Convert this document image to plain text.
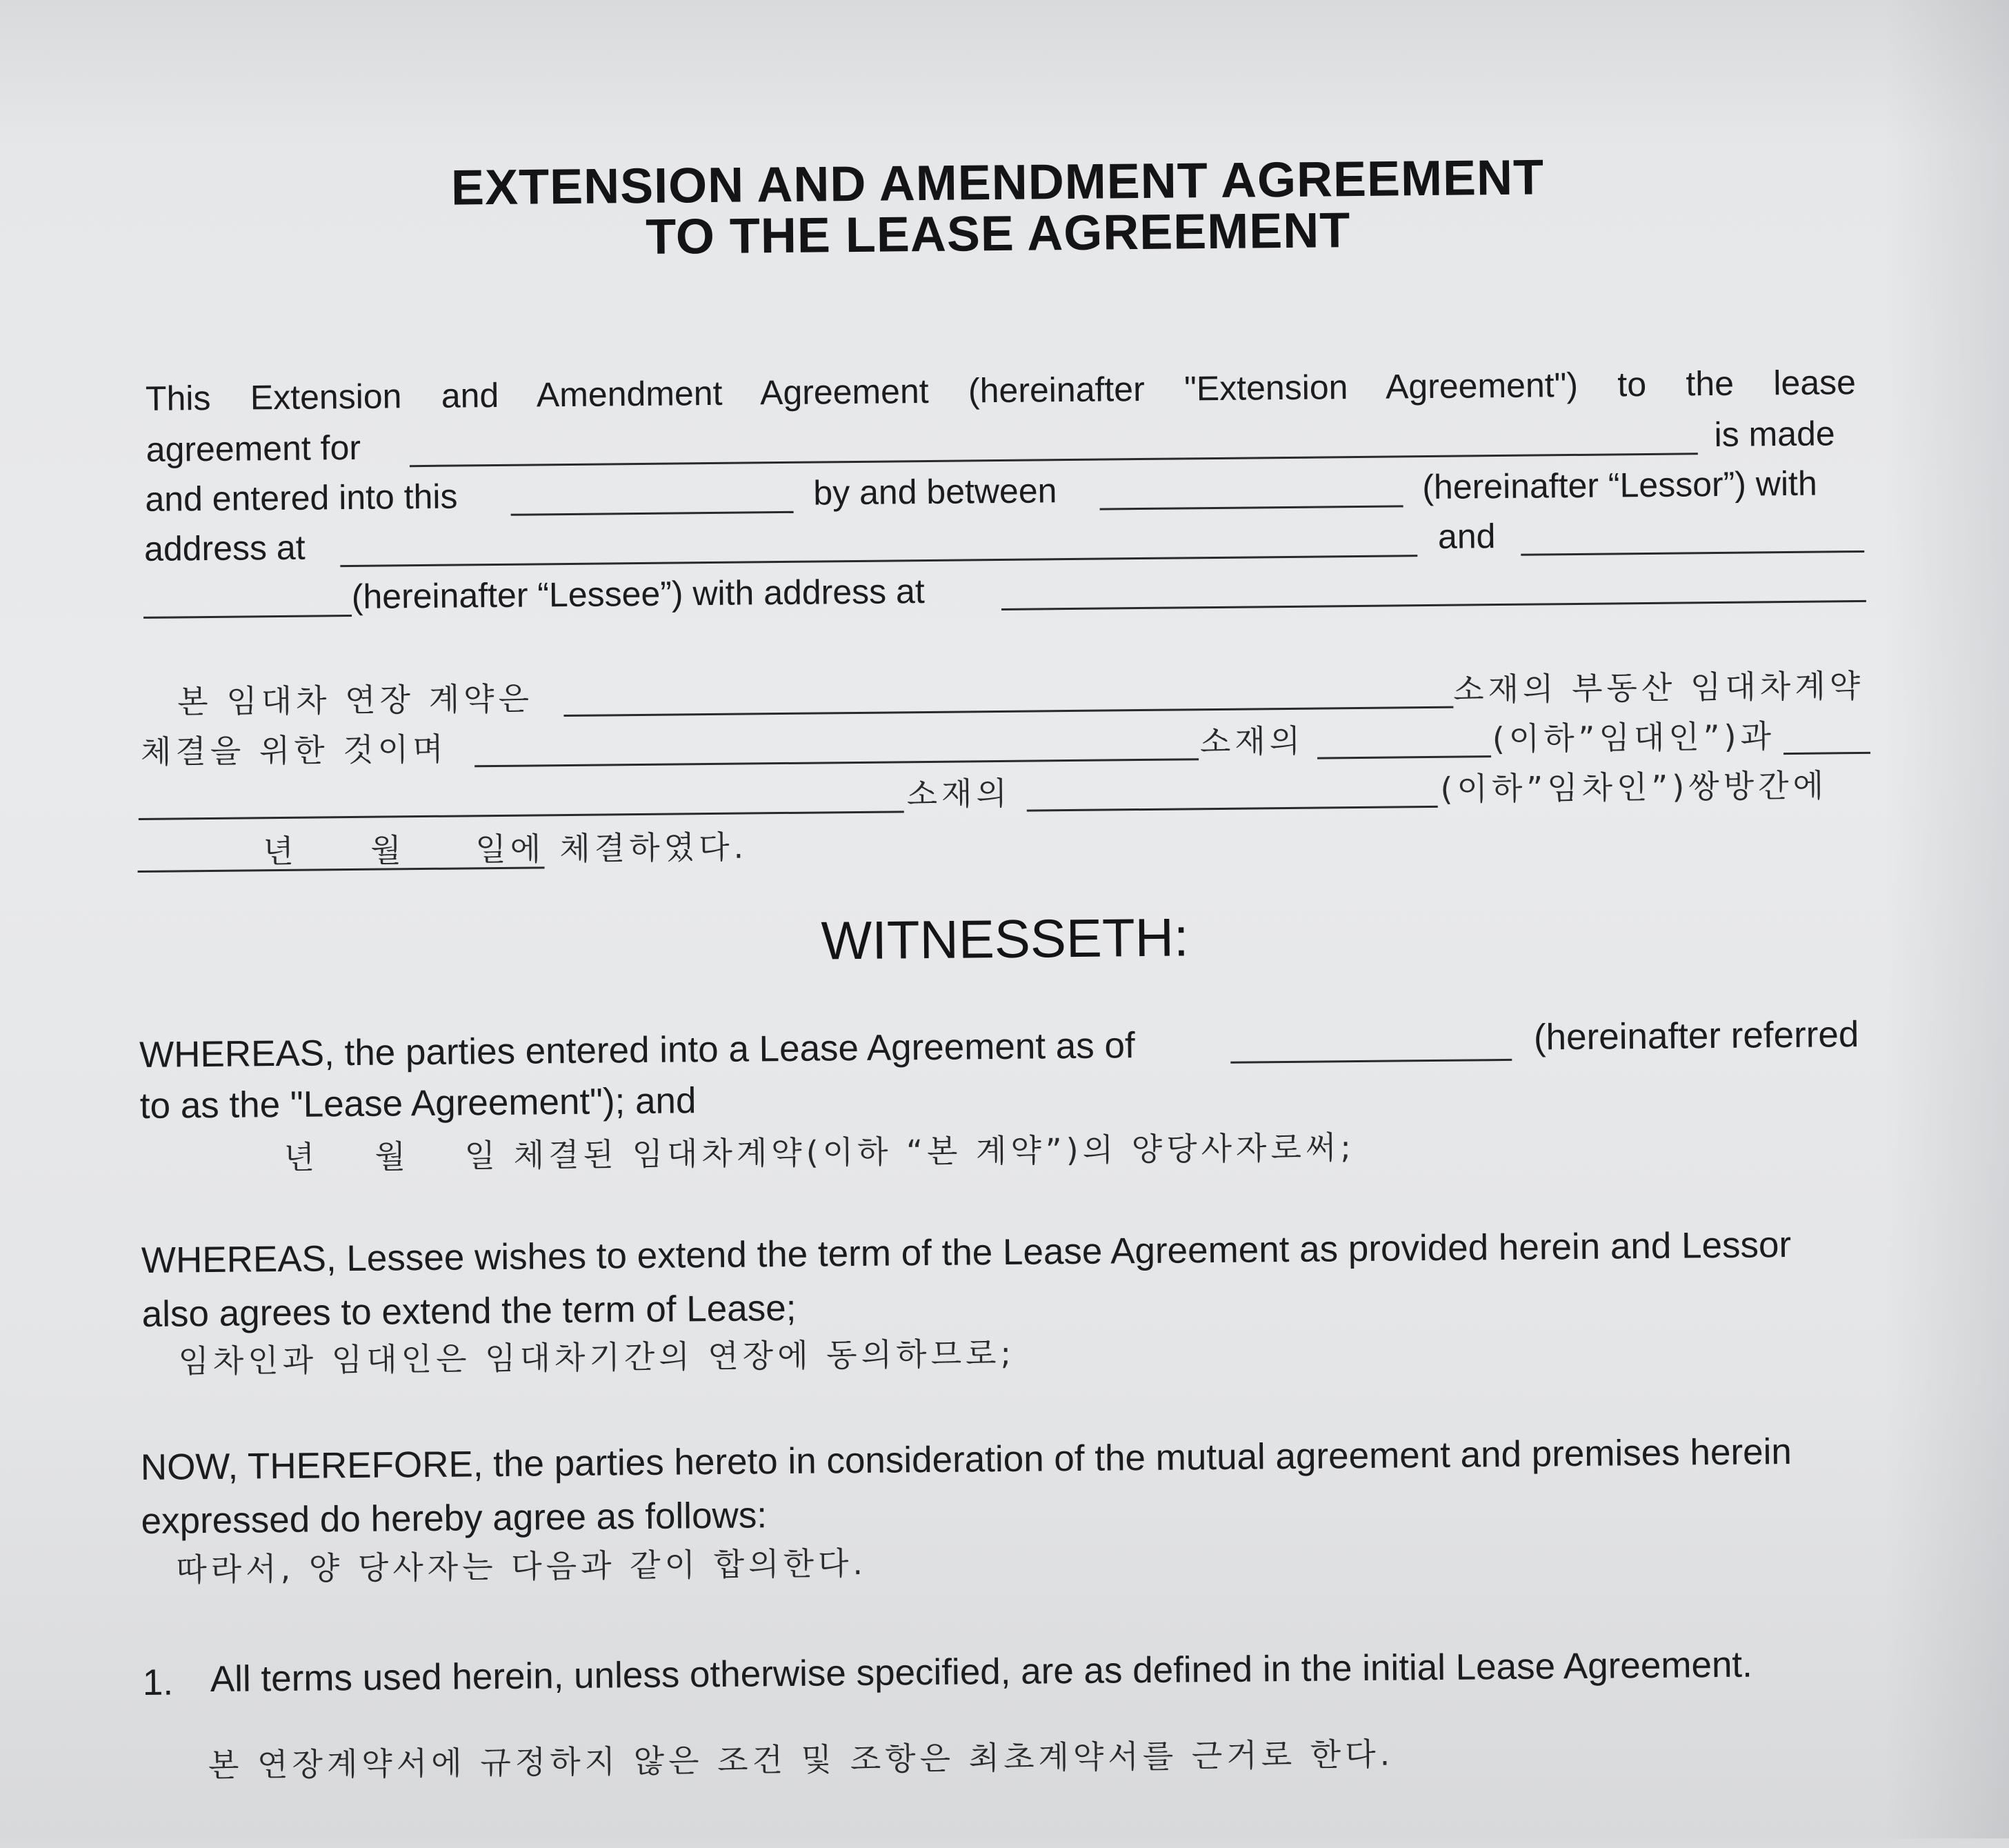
EXTENSION AND AMENDMENT AGREEMENT
TO THE LEASE AGREEMENT
This Extension and Amendment Agreement (hereinafter "Extension Agreement") to the lease
agreement for	is made
and entered into this	by and between	(hereinafter “Lessor”) with
address at	and
(hereinafter “Lessee”) with address at
본 임대차 연장 계약은	소재의 부동산 임대차계약
체결을 위한 것이며	소재의	(이하”임대인”)과
소재의	(이하”임차인”)쌍방간에
년 월 일에 체결하였다.
WITNESSETH:
WHEREAS, the parties entered into a Lease Agreement as of	(hereinafter referred
to as the "Lease Agreement"); and
년 월 일 체결된 임대차계약(이하 “본 계약”)의 양당사자로써;
WHEREAS, Lessee wishes to extend the term of the Lease Agreement as provided herein and Lessor
also agrees to extend the term of Lease;
임차인과 임대인은 임대차기간의 연장에 동의하므로;
NOW, THEREFORE, the parties hereto in consideration of the mutual agreement and premises herein
expressed do hereby agree as follows:
따라서, 양 당사자는 다음과 같이 합의한다.
1. All terms used herein, unless otherwise specified, are as defined in the initial Lease Agreement.
본 연장계약서에 규정하지 않은 조건 및 조항은 최초계약서를 근거로 한다.
